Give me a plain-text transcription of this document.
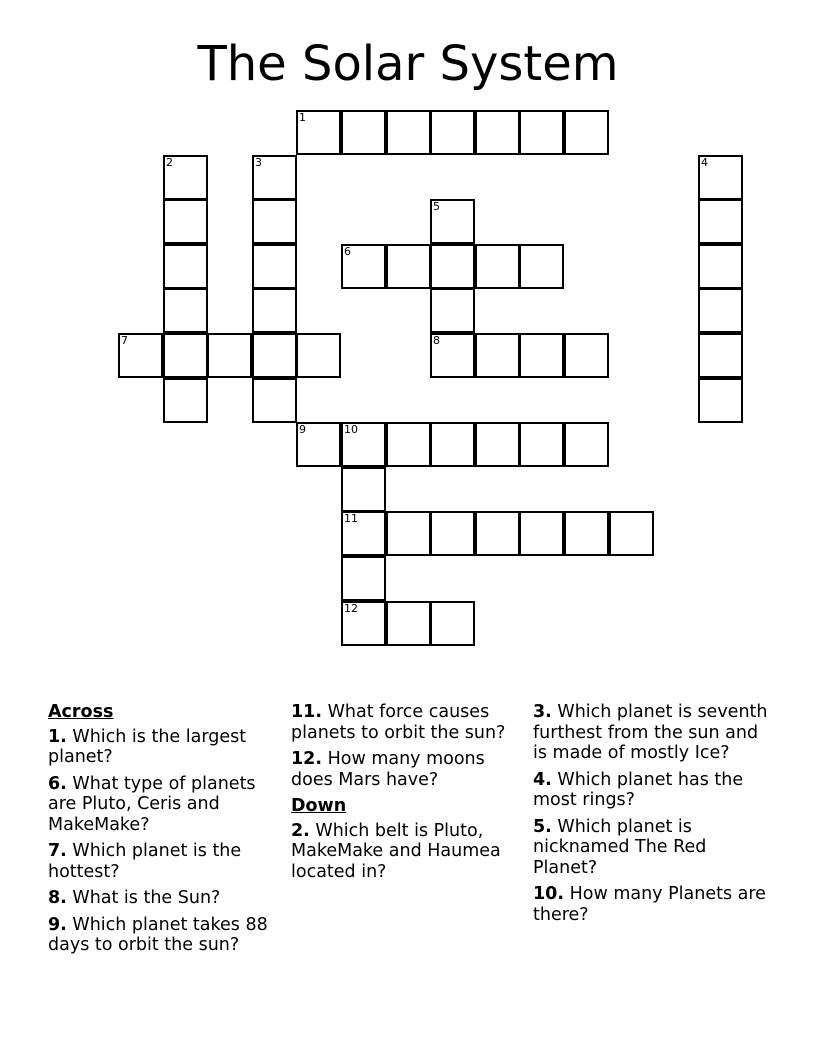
The Solar System
1
2	3	4
5
6
7	8
9	10
11
12
Across
1. Which is the largest planet?
6. What type of planets are Pluto, Ceris and MakeMake?
7. Which planet is the hottest?
8. What is the Sun?
9. Which planet takes 88 days to orbit the sun?
11. What force causes planets to orbit the sun?
12. How many moons does Mars have?
Down
2. Which belt is Pluto, MakeMake and Haumea located in?
3. Which planet is seventh furthest from the sun and is made of mostly Ice?
4. Which planet has the most rings?
5. Which planet is nicknamed The Red Planet?
10. How many Planets are there?
